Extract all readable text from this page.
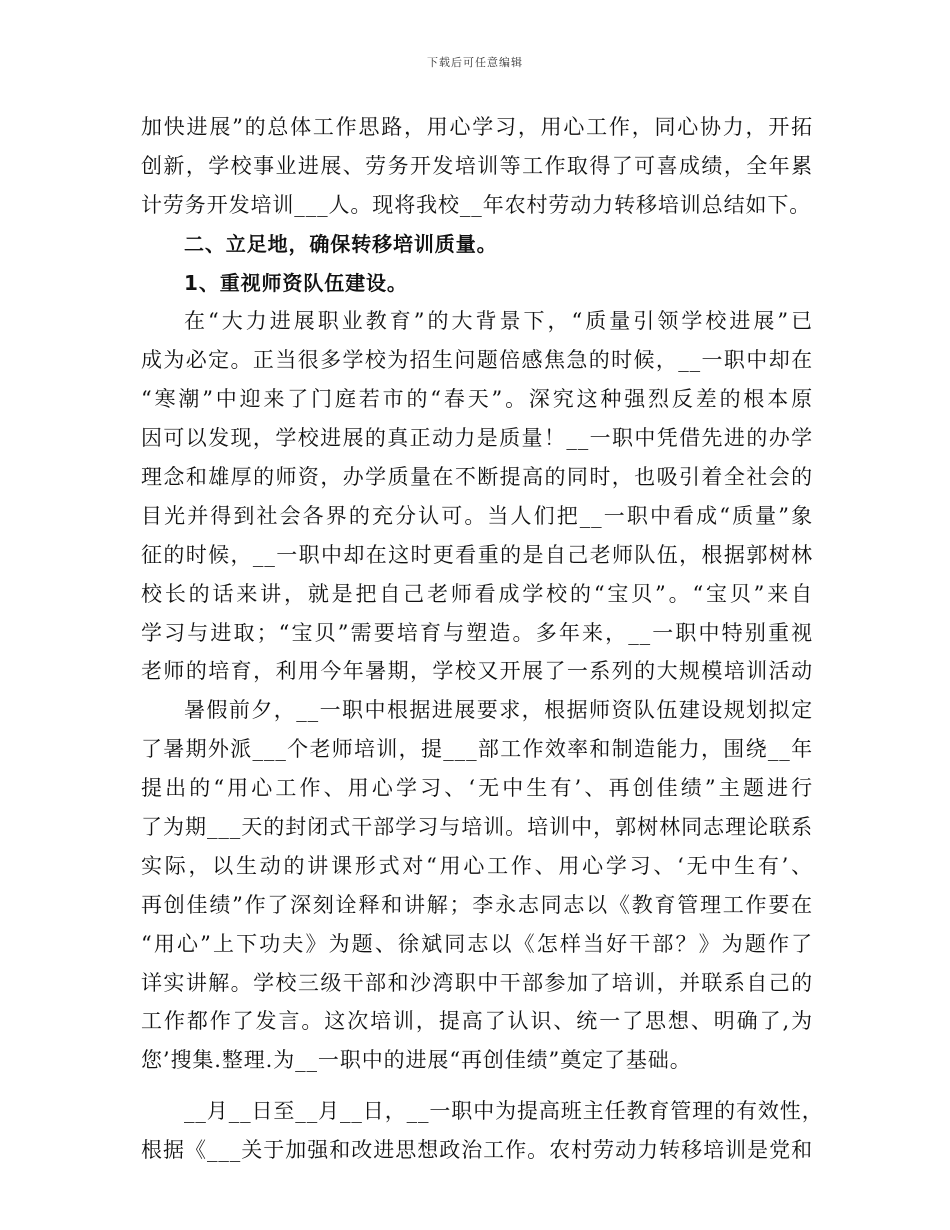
下载后可任意编辑
加快进展”的总体工作思路，用心学习，用心工作，同心协力，开拓
创新，学校事业进展、劳务开发培训等工作取得了可喜成绩，全年累
计劳务开发培训___人。现将我校__年农村劳动力转移培训总结如下。
二、立足地，确保转移培训质量。
1、重视师资队伍建设。
在“大力进展职业教育”的大背景下，“质量引领学校进展”已
成为必定。正当很多学校为招生问题倍感焦急的时候，__一职中却在
“寒潮”中迎来了门庭若市的“春天”。深究这种强烈反差的根本原
因可以发现，学校进展的真正动力是质量！__一职中凭借先进的办学
理念和雄厚的师资，办学质量在不断提高的同时，也吸引着全社会的
目光并得到社会各界的充分认可。当人们把__一职中看成“质量”象
征的时候，__一职中却在这时更看重的是自己老师队伍，根据郭树林
校长的话来讲，就是把自己老师看成学校的“宝贝”。“宝贝”来自
学习与进取；“宝贝”需要培育与塑造。多年来，__一职中特别重视
老师的培育，利用今年暑期，学校又开展了一系列的大规模培训活动
暑假前夕，__一职中根据进展要求，根据师资队伍建设规划拟定
了暑期外派___个老师培训，提___部工作效率和制造能力，围绕__年
提出的“用心工作、用心学习、‘无中生有’、再创佳绩”主题进行
了为期___天的封闭式干部学习与培训。培训中，郭树林同志理论联系
实际，以生动的讲课形式对“用心工作、用心学习、‘无中生有’、
再创佳绩”作了深刻诠释和讲解；李永志同志以《教育管理工作要在
“用心”上下功夫》为题、徐斌同志以《怎样当好干部？》为题作了
详实讲解。学校三级干部和沙湾职中干部参加了培训，并联系自己的
工作都作了发言。这次培训，提高了认识、统一了思想、明确了,为
您’搜集.整理.为__一职中的进展“再创佳绩”奠定了基础。
__月__日至__月__日，__一职中为提高班主任教育管理的有效性，
根据《___关于加强和改进思想政治工作。农村劳动力转移培训是党和
